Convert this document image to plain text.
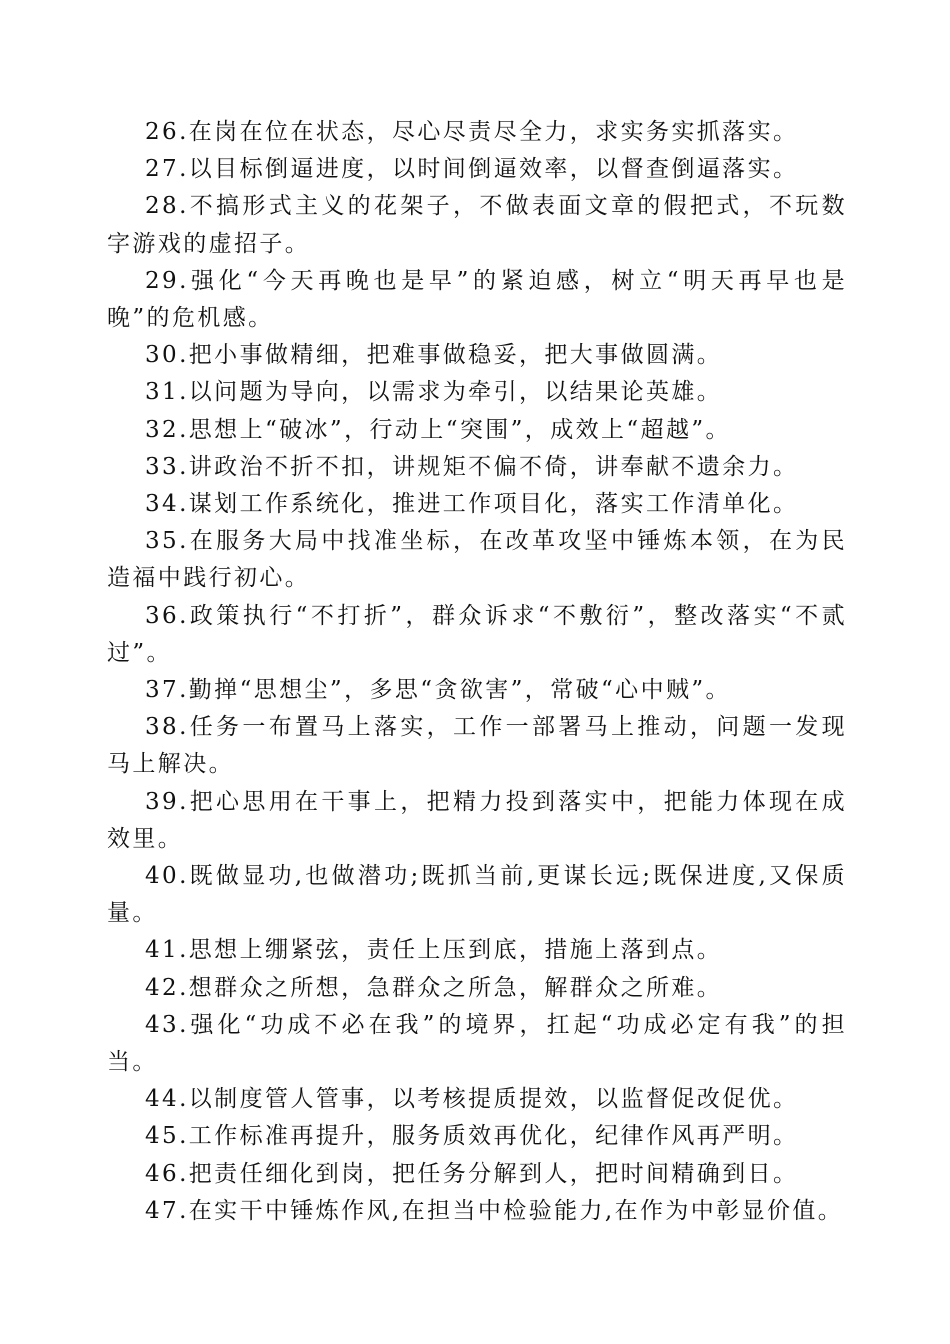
26.在岗在位在状态，尽心尽责尽全力，求实务实抓落实。

27.以目标倒逼进度，以时间倒逼效率，以督查倒逼落实。

28.不搞形式主义的花架子，不做表面文章的假把式，不玩数字游戏的虚招子。

29.强化“今天再晚也是早”的紧迫感，树立“明天再早也是晚”的危机感。

30.把小事做精细，把难事做稳妥，把大事做圆满。

31.以问题为导向，以需求为牵引，以结果论英雄。

32.思想上“破冰”，行动上“突围”，成效上“超越”。

33.讲政治不折不扣，讲规矩不偏不倚，讲奉献不遗余力。

34.谋划工作系统化，推进工作项目化，落实工作清单化。

35.在服务大局中找准坐标，在改革攻坚中锤炼本领，在为民造福中践行初心。

36.政策执行“不打折”，群众诉求“不敷衍”，整改落实“不贰过”。

37.勤掸“思想尘”，多思“贪欲害”，常破“心中贼”。

38.任务一布置马上落实，工作一部署马上推动，问题一发现马上解决。

39.把心思用在干事上，把精力投到落实中，把能力体现在成效里。

40.既做显功,也做潜功;既抓当前,更谋长远;既保进度,又保质量。

41.思想上绷紧弦，责任上压到底，措施上落到点。

42.想群众之所想，急群众之所急，解群众之所难。

43.强化“功成不必在我”的境界，扛起“功成必定有我”的担当。

44.以制度管人管事，以考核提质提效，以监督促改促优。

45.工作标准再提升，服务质效再优化，纪律作风再严明。

46.把责任细化到岗，把任务分解到人，把时间精确到日。

47.在实干中锤炼作风,在担当中检验能力,在作为中彰显价值。
